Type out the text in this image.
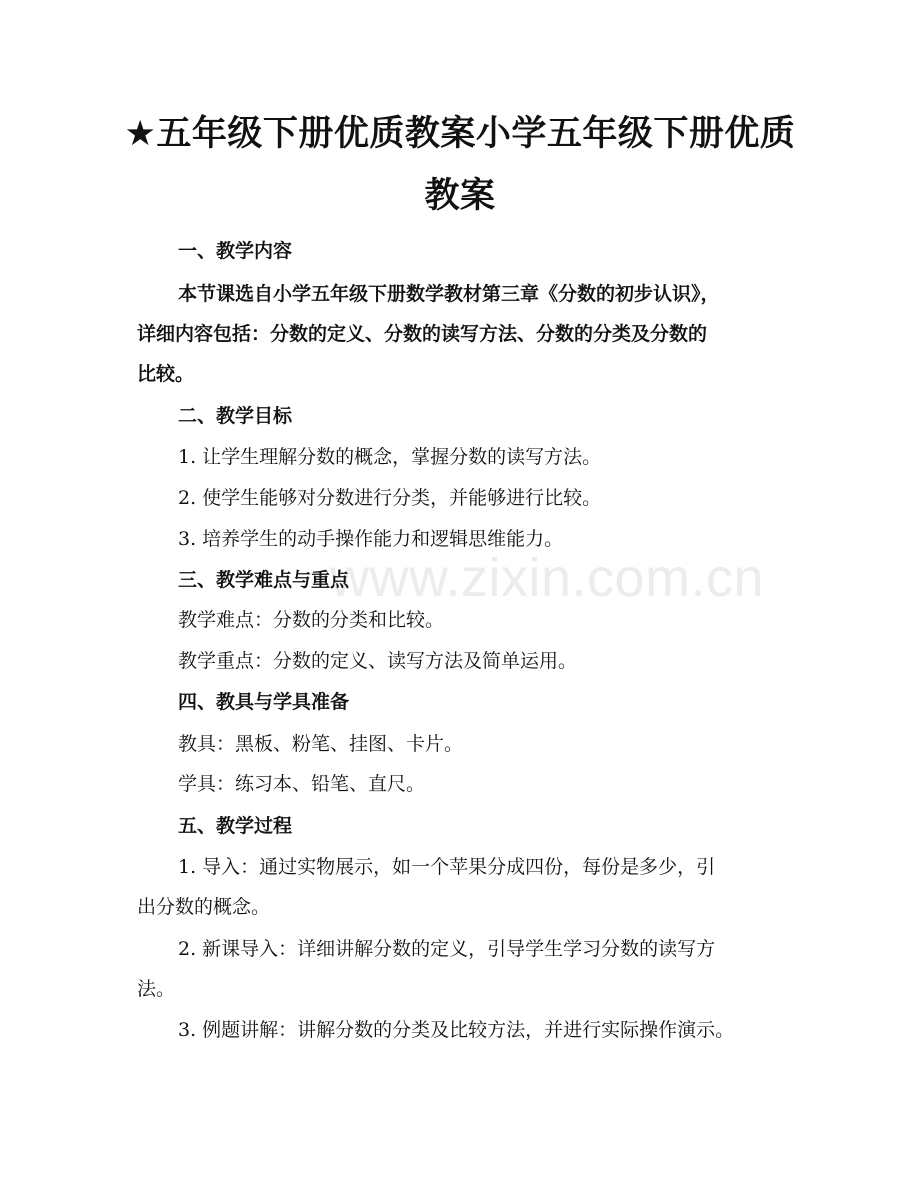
www.zixin.com.cn
★五年级下册优质教案小学五年级下册优质
教案
一、教学内容
本节课选自小学五年级下册数学教材第三章《分数的初步认识》，
详细内容包括：分数的定义、分数的读写方法、分数的分类及分数的
比较。
二、教学目标
1. 让学生理解分数的概念，掌握分数的读写方法。
2. 使学生能够对分数进行分类，并能够进行比较。
3. 培养学生的动手操作能力和逻辑思维能力。
三、教学难点与重点
教学难点：分数的分类和比较。
教学重点：分数的定义、读写方法及简单运用。
四、教具与学具准备
教具：黑板、粉笔、挂图、卡片。
学具：练习本、铅笔、直尺。
五、教学过程
1. 导入：通过实物展示，如一个苹果分成四份，每份是多少，引
出分数的概念。
2. 新课导入：详细讲解分数的定义，引导学生学习分数的读写方
法。
3. 例题讲解：讲解分数的分类及比较方法，并进行实际操作演示。
